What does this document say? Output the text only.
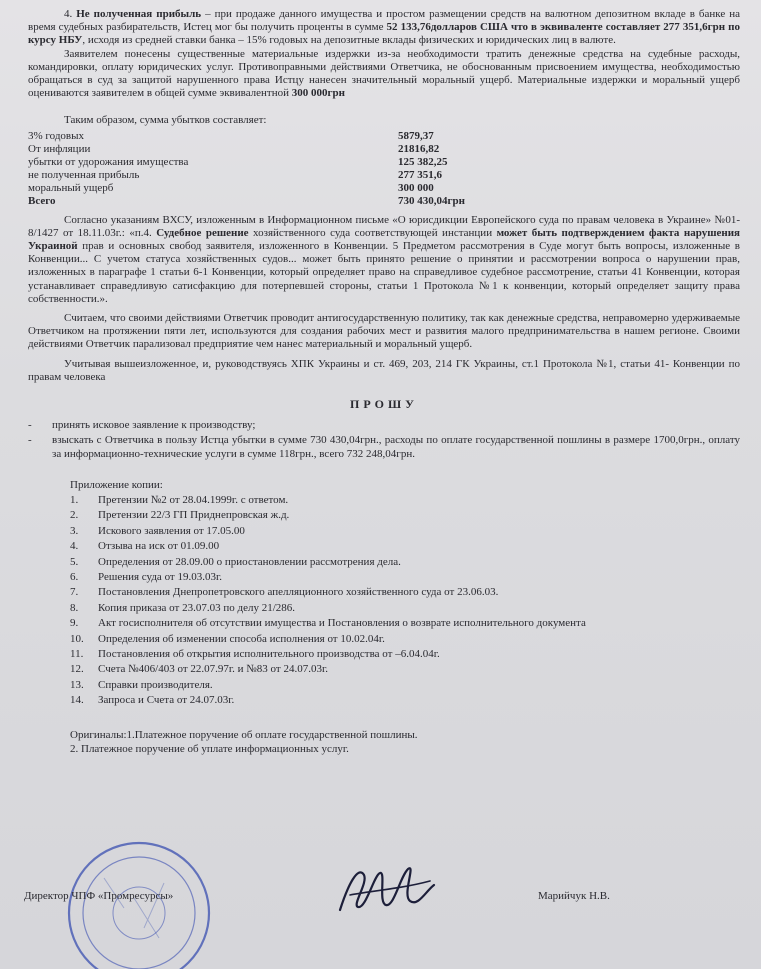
4. Не полученная прибыль – при продаже данного имущества и простом размещении средств на валютном депозитном вкладе в банке на время судебных разбирательств, Истец мог бы получить проценты в сумме 52 133,76долларов США что в эквиваленте составляет 277 351,6грн по курсу НБУ, исходя из средней ставки банка – 15% годовых на депозитные вклады физических и юридических лиц в валюте.

Заявителем понесены существенные материальные издержки из-за необходимости тратить денежные средства на судебные расходы, командировки, оплату юридических услуг. Противоправными действиями Ответчика, не обоснованным присвоением имущества, необходимостью обращаться в суд за защитой нарушенного права Истцу нанесен значительный моральный ущерб. Материальные издержки и моральный ущерб оцениваются заявителем в общей сумме эквивалентной 300 000грн

Таким образом, сумма убытков составляет:

3% годовых	5879,37
От инфляции	21816,82
убытки от удорожания имущества	125 382,25
не полученная прибыль	277 351,6
моральный ущерб	300 000
Всего	730 430,04грн

Согласно указаниям ВХСУ, изложенным в Информационном письме «О юрисдикции Европейского суда по правам человека в Украине» №01-8/1427 от 18.11.03г.: «п.4. Судебное решение хозяйственного суда соответствующей инстанции может быть подтверждением факта нарушения Украиной прав и основных свобод заявителя, изложенного в Конвенции. 5 Предметом рассмотрения в Суде могут быть вопросы, изложенные в Конвенции... С учетом статуса хозяйственных судов... может быть принято решение о принятии и рассмотрении вопроса о нарушении прав, изложенных в параграфе 1 статьи 6-1 Конвенции, который определяет право на справедливое судебное рассмотрение, статьи 41 Конвенции, которая устанавливает справедливую сатисфакцию для потерпевшей стороны, статьи 1 Протокола №1 к конвенции, который определяет защиту права собственности.».

Считаем, что своими действиями Ответчик проводит антигосударственную политику, так как денежные средства, неправомерно удерживаемые Ответчиком на протяжении пяти лет, используются для создания рабочих мест и развития малого предпринимательства в нашем регионе. Своими действиями Ответчик парализовал предприятие чем нанес материальный и моральный ущерб.

Учитывая вышеизложенное, и, руководствуясь ХПК Украины и ст. 469, 203, 214 ГК Украины, ст.1 Протокола №1, статьи 41- Конвенции по правам человека

ПРОШУ
-	принять исковое заявление к производству;
-	взыскать с Ответчика в пользу Истца убытки в сумме 730 430,04грн., расходы по оплате государственной пошлины в размере 1700,0грн., оплату за информационно-технические услуги в сумме 118грн., всего 732 248,04грн.
Приложение копии:
1.	Претензии №2 от 28.04.1999г. с ответом.
2.	Претензии 22/3 ГП Приднепровская ж.д.
3.	Искового заявления от 17.05.00
4.	Отзыва на иск от 01.09.00
5.	Определения от 28.09.00 о приостановлении рассмотрения дела.
6.	Решения суда от 19.03.03г.
7.	Постановления Днепропетровского апелляционного хозяйственного суда от 23.06.03.
8.	Копия приказа от 23.07.03 по делу 21/286.
9.	Акт госисполнителя об отсутствии имущества и Постановления о возврате исполнительного документа
10.	Определения об изменении способа исполнения от 10.02.04г.
11.	Постановления об открытия исполнительного производства от –6.04.04г.
12.	Счета №406/403 от 22.07.97г. и №83 от 24.07.03г.
13.	Справки производителя.
14.	Запроса и Счета от 24.07.03г.
Оригиналы:1.Платежное поручение об оплате государственной пошлины.
2. Платежное поручение об уплате информационных услуг.
Директор ЧПФ «Промресурсы»	Марийчук Н.В.
